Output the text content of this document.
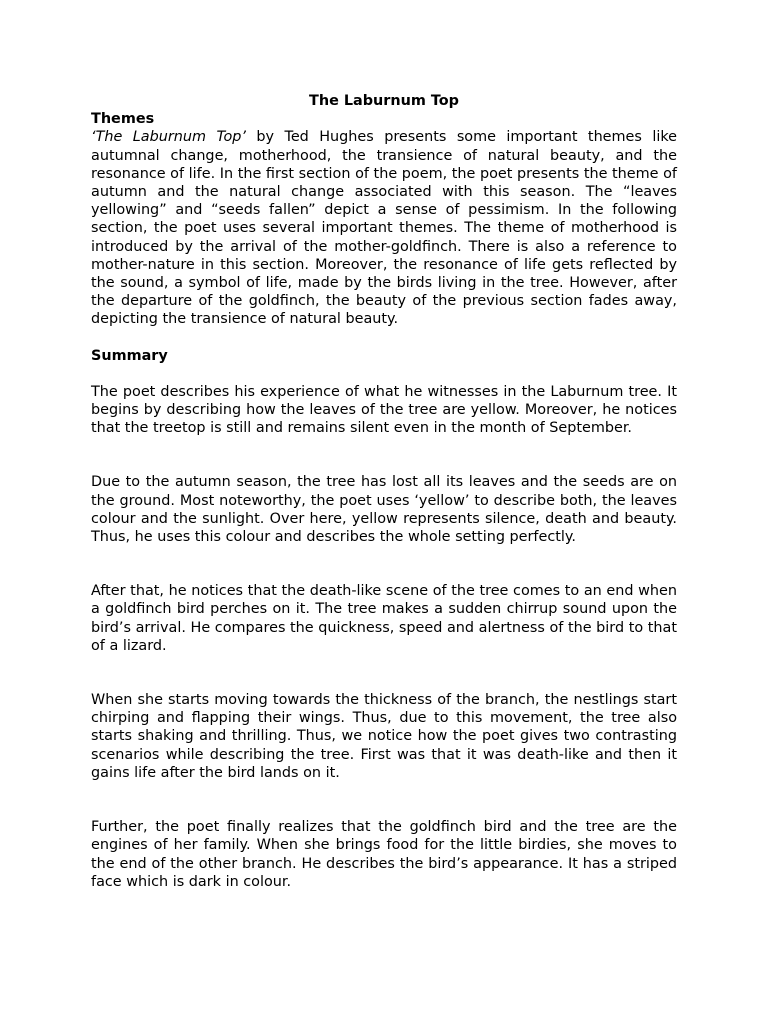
The Laburnum Top

Themes

‘The Laburnum Top’ by Ted Hughes presents some important themes like autumnal change, motherhood, the transience of natural beauty, and the resonance of life. In the first section of the poem, the poet presents the theme of autumn and the natural change associated with this season. The “leaves yellowing” and “seeds fallen” depict a sense of pessimism. In the following section, the poet uses several important themes. The theme of motherhood is introduced by the arrival of the mother-goldfinch. There is also a reference to mother-nature in this section. Moreover, the resonance of life gets reflected by the sound, a symbol of life, made by the birds living in the tree. However, after the departure of the goldfinch, the beauty of the previous section fades away, depicting the transience of natural beauty.

Summary

The poet describes his experience of what he witnesses in the Laburnum tree. It begins by describing how the leaves of the tree are yellow. Moreover, he notices that the treetop is still and remains silent even in the month of September.

Due to the autumn season, the tree has lost all its leaves and the seeds are on the ground. Most noteworthy, the poet uses ‘yellow’ to describe both, the leaves colour and the sunlight. Over here, yellow represents silence, death and beauty. Thus, he uses this colour and describes the whole setting perfectly.

After that, he notices that the death-like scene of the tree comes to an end when a goldfinch bird perches on it. The tree makes a sudden chirrup sound upon the bird’s arrival. He compares the quickness, speed and alertness of the bird to that of a lizard.

When she starts moving towards the thickness of the branch, the nestlings start chirping and flapping their wings. Thus, due to this movement, the tree also starts shaking and thrilling. Thus, we notice how the poet gives two contrasting scenarios while describing the tree. First was that it was death-like and then it gains life after the bird lands on it.

Further, the poet finally realizes that the goldfinch bird and the tree are the engines of her family. When she brings food for the little birdies, she moves to the end of the other branch. He describes the bird’s appearance. It has a striped face which is dark in colour.
